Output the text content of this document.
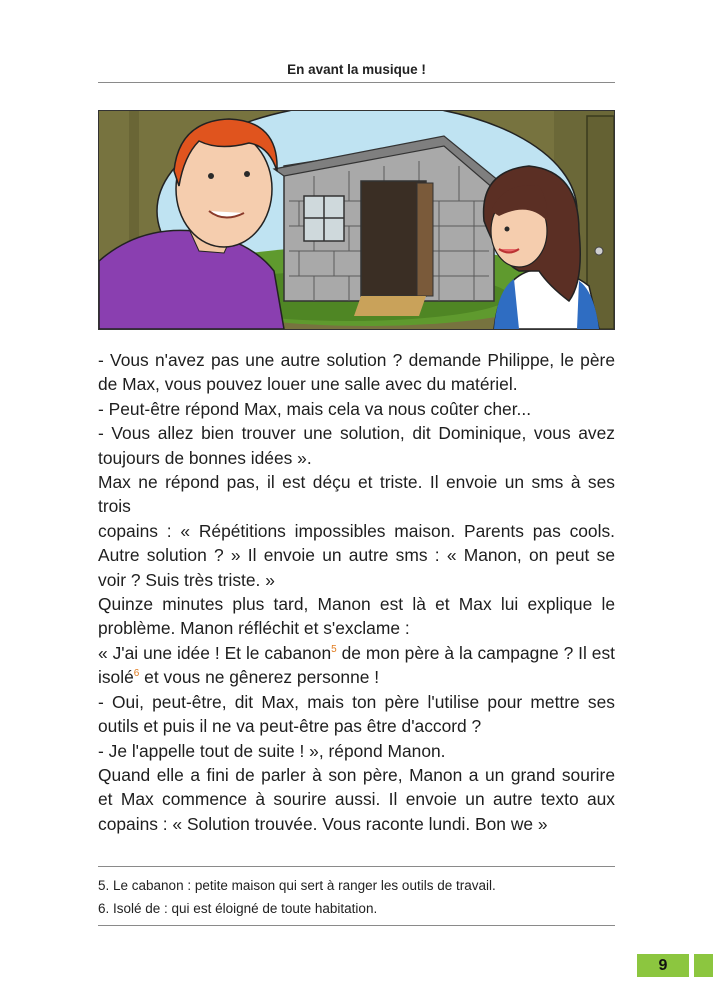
En avant la musique !
- Vous n'avez pas une autre solution ? demande Philippe, le père
de Max, vous pouvez louer une salle avec du matériel.
- Peut-être répond Max, mais cela va nous coûter cher...
- Vous allez bien trouver une solution, dit Dominique, vous avez
toujours de bonnes idées ».
Max ne répond pas, il est déçu et triste. Il envoie un sms à ses trois
copains : « Répétitions impossibles maison. Parents pas cools.
Autre solution ? » Il envoie un autre sms : « Manon, on peut se
voir ? Suis très triste. »
Quinze minutes plus tard, Manon est là et Max lui explique le
problème. Manon réfléchit et s'exclame :
« J'ai une idée ! Et le cabanon$^5$ de mon père à la campagne ? Il est
isolé$^6$ et vous ne gênerez personne !
- Oui, peut-être, dit Max, mais ton père l'utilise pour mettre ses
outils et puis il ne va peut-être pas être d'accord ?
- Je l'appelle tout de suite ! », répond Manon.
Quand elle a fini de parler à son père, Manon a un grand sourire
et Max commence à sourire aussi. Il envoie un autre texto aux
copains : « Solution trouvée. Vous raconte lundi. Bon we »
5. Le cabanon : petite maison qui sert à ranger les outils de travail.
6. Isolé de : qui est éloigné de toute habitation.
9
